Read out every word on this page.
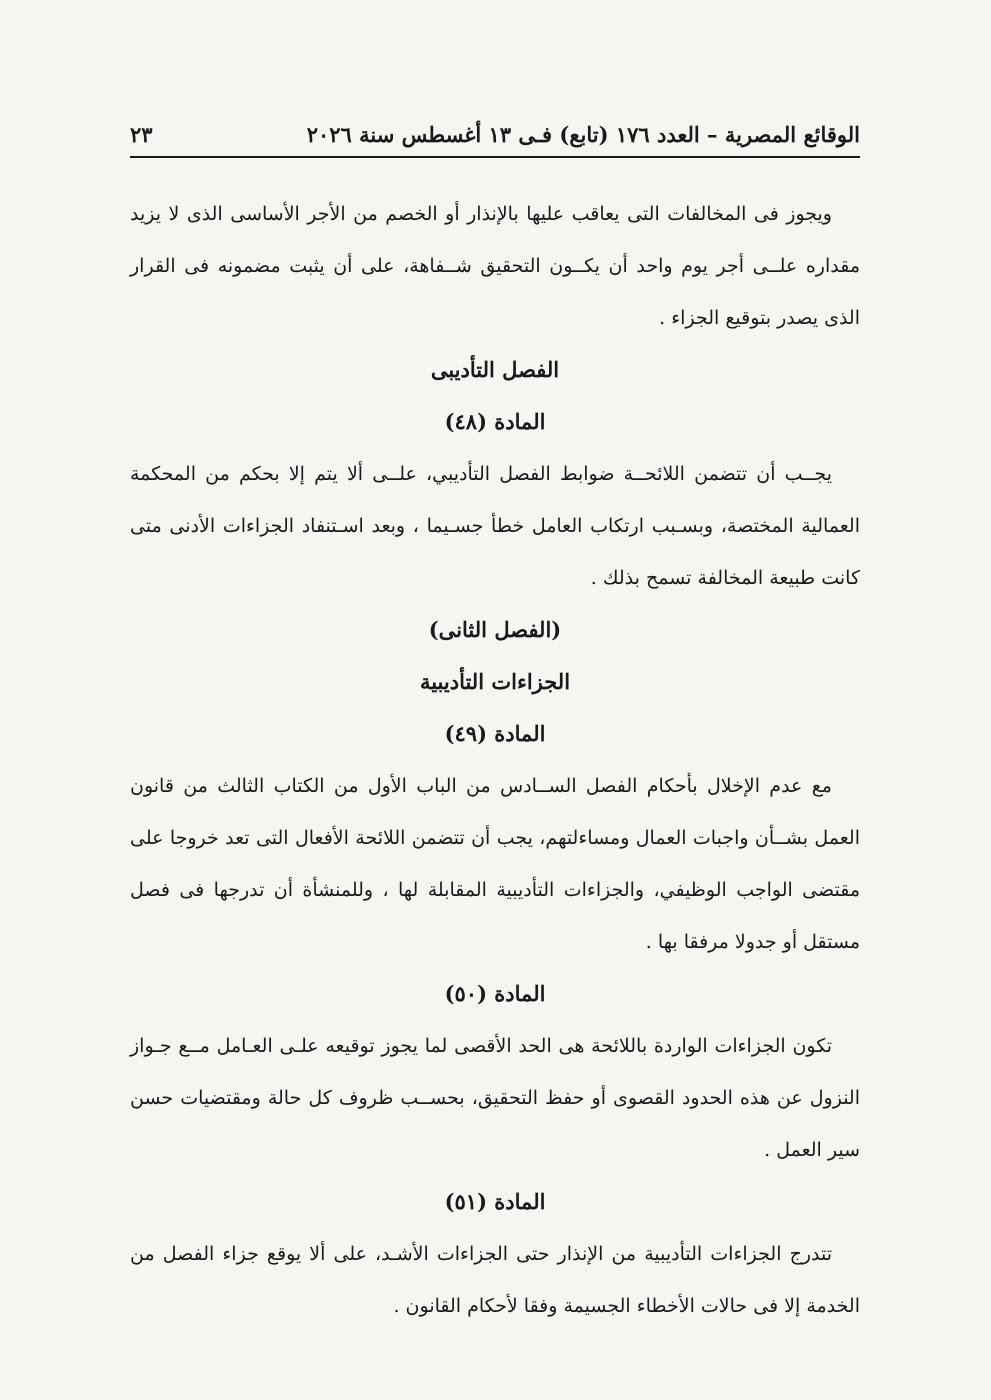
الوقائع المصرية – العدد ١٧٦ (تابع) فـى ١٣ أغسطس سنة ٢٠٢٦
٢٣

ويجوز فى المخالفات التى يعاقب عليها بالإنذار أو الخصم من الأجر الأساسى الذى لا يزيد مقداره علــى أجر يوم واحد أن يكــون التحقيق شــفاهة، على أن يثبت مضمونه فى القرار الذى يصدر بتوقيع الجزاء .

الفصل التأديبى

المادة (٤٨)

يجــب أن تتضمن اللائحــة ضوابط الفصل التأديبي، علــى ألا يتم إلا بحكم من المحكمة العمالية المختصة، وبسـبب ارتكاب العامل خطأ جسـيما ، وبعد اسـتنفاد الجزاءات الأدنى متى كانت طبيعة المخالفة تسمح بذلك .

(الفصل الثانى)

الجزاءات التأديبية

المادة (٤٩)

مع عدم الإخلال بأحكام الفصل الســادس من الباب الأول من الكتاب الثالث من قانون العمل بشــأن واجبات العمال ومساءلتهم، يجب أن تتضمن اللائحة الأفعال التى تعد خروجا على مقتضى الواجب الوظيفي، والجزاءات التأديبية المقابلة لها ، وللمنشأة أن تدرجها فى فصل مستقل أو جدولا مرفقا بها .

المادة (٥٠)

تكون الجزاءات الواردة باللائحة هى الحد الأقصى لما يجوز توقيعه علـى العـامل مــع جـواز النزول عن هذه الحدود القصوى أو حفظ التحقيق، بحســب ظروف كل حالة ومقتضيات حسن سير العمل .

المادة (٥١)

تتدرج الجزاءات التأديبية من الإنذار حتى الجزاءات الأشـد، على ألا يوقع جزاء الفصل من الخدمة إلا فى حالات الأخطاء الجسيمة وفقا لأحكام القانون .
